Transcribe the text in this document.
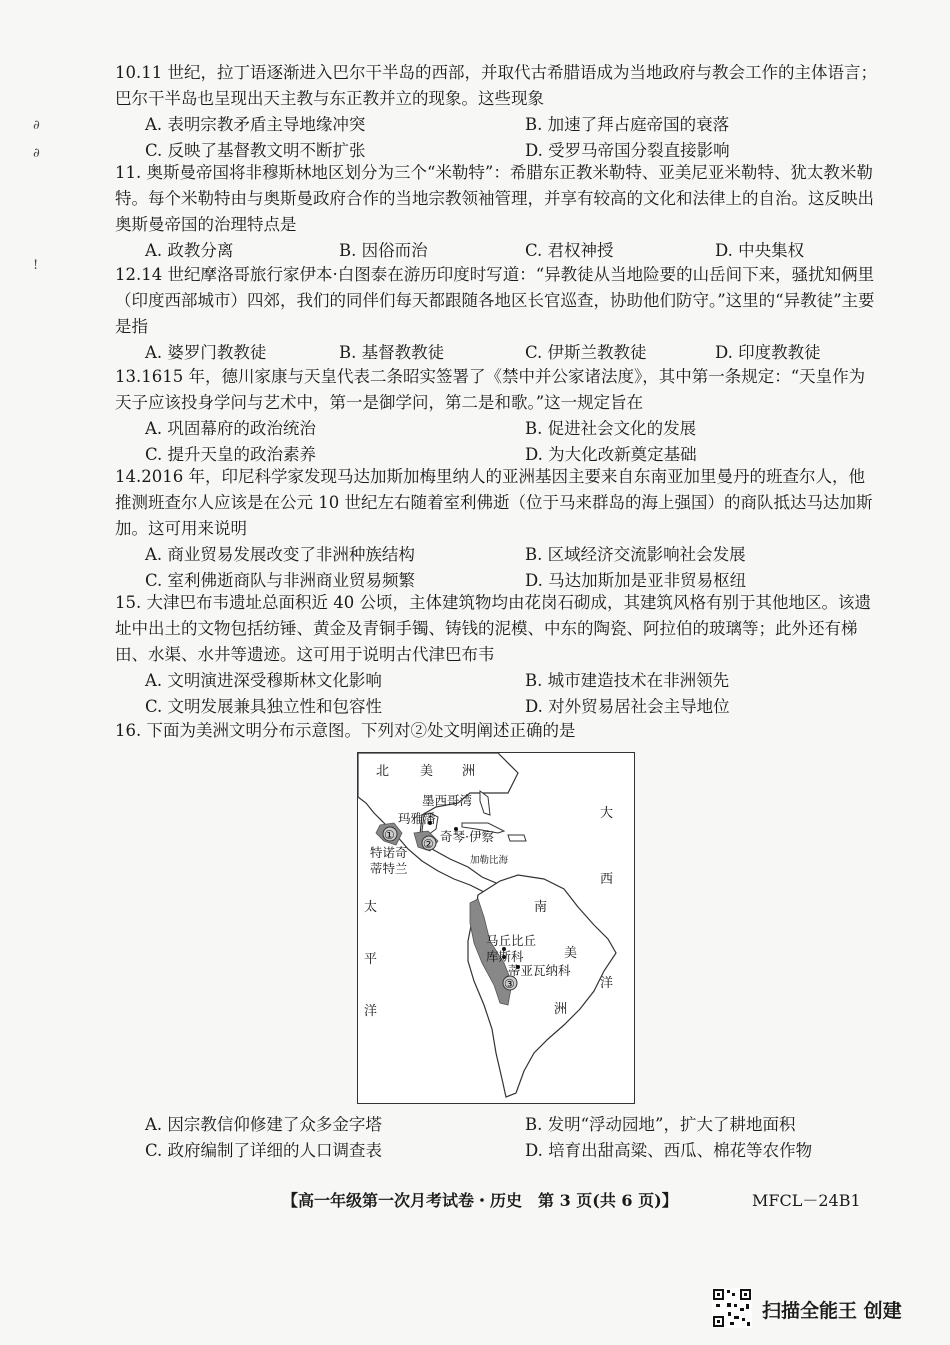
∂
∂
!
10.11 世纪，拉丁语逐渐进入巴尔干半岛的西部，并取代古希腊语成为当地政府与教会工作的主体语言；巴尔干半岛也呈现出天主教与东正教并立的现象。这些现象
A. 表明宗教矛盾主导地缘冲突	B. 加速了拜占庭帝国的衰落
C. 反映了基督教文明不断扩张	D. 受罗马帝国分裂直接影响
11. 奥斯曼帝国将非穆斯林地区划分为三个“米勒特”：希腊东正教米勒特、亚美尼亚米勒特、犹太教米勒特。每个米勒特由与奥斯曼政府合作的当地宗教领袖管理，并享有较高的文化和法律上的自治。这反映出奥斯曼帝国的治理特点是
A. 政教分离	B. 因俗而治	C. 君权神授	D. 中央集权
12.14 世纪摩洛哥旅行家伊本·白图泰在游历印度时写道：“异教徒从当地险要的山岳间下来，骚扰知俩里（印度西部城市）四郊，我们的同伴们每天都跟随各地区长官巡查，协助他们防守。”这里的“异教徒”主要是指
A. 婆罗门教教徒	B. 基督教教徒	C. 伊斯兰教教徒	D. 印度教教徒
13.1615 年，德川家康与天皇代表二条昭实签署了《禁中并公家诸法度》，其中第一条规定：“天皇作为天子应该投身学问与艺术中，第一是御学问，第二是和歌。”这一规定旨在
A. 巩固幕府的政治统治	B. 促进社会文化的发展
C. 提升天皇的政治素养	D. 为大化改新奠定基础
14.2016 年，印尼科学家发现马达加斯加梅里纳人的亚洲基因主要来自东南亚加里曼丹的班查尔人，他推测班查尔人应该是在公元 10 世纪左右随着室利佛逝（位于马来群岛的海上强国）的商队抵达马达加斯加。这可用来说明
A. 商业贸易发展改变了非洲种族结构	B. 区域经济交流影响社会发展
C. 室利佛逝商队与非洲商业贸易频繁	D. 马达加斯加是亚非贸易枢纽
15. 大津巴布韦遗址总面积近 40 公顷，主体建筑物均由花岗石砌成，其建筑风格有别于其他地区。该遗址中出土的文物包括纺锤、黄金及青铜手镯、铸钱的泥模、中东的陶瓷、阿拉伯的玻璃等；此外还有梯田、水渠、水井等遗迹。这可用于说明古代津巴布韦
A. 文明演进深受穆斯林文化影响	B. 城市建造技术在非洲领先
C. 文明发展兼具独立性和包容性	D. 对外贸易居社会主导地位
16. 下面为美洲文明分布示意图。下列对②处文明阐述正确的是
北 美 洲
墨西哥湾
玛雅潘
奇琴·伊察
加勒比海
特诺奇
蒂特兰
太
平
洋
大
西
洋
南
美
洲
马丘比丘
库斯科
蒂亚瓦纳科
①
②
③
A. 因宗教信仰修建了众多金字塔	B. 发明“浮动园地”，扩大了耕地面积
C. 政府编制了详细的人口调查表	D. 培育出甜高粱、西瓜、棉花等农作物
【高一年级第一次月考试卷・历史　第 3 页(共 6 页)】	MFCL－24B1
扫描全能王 创建
